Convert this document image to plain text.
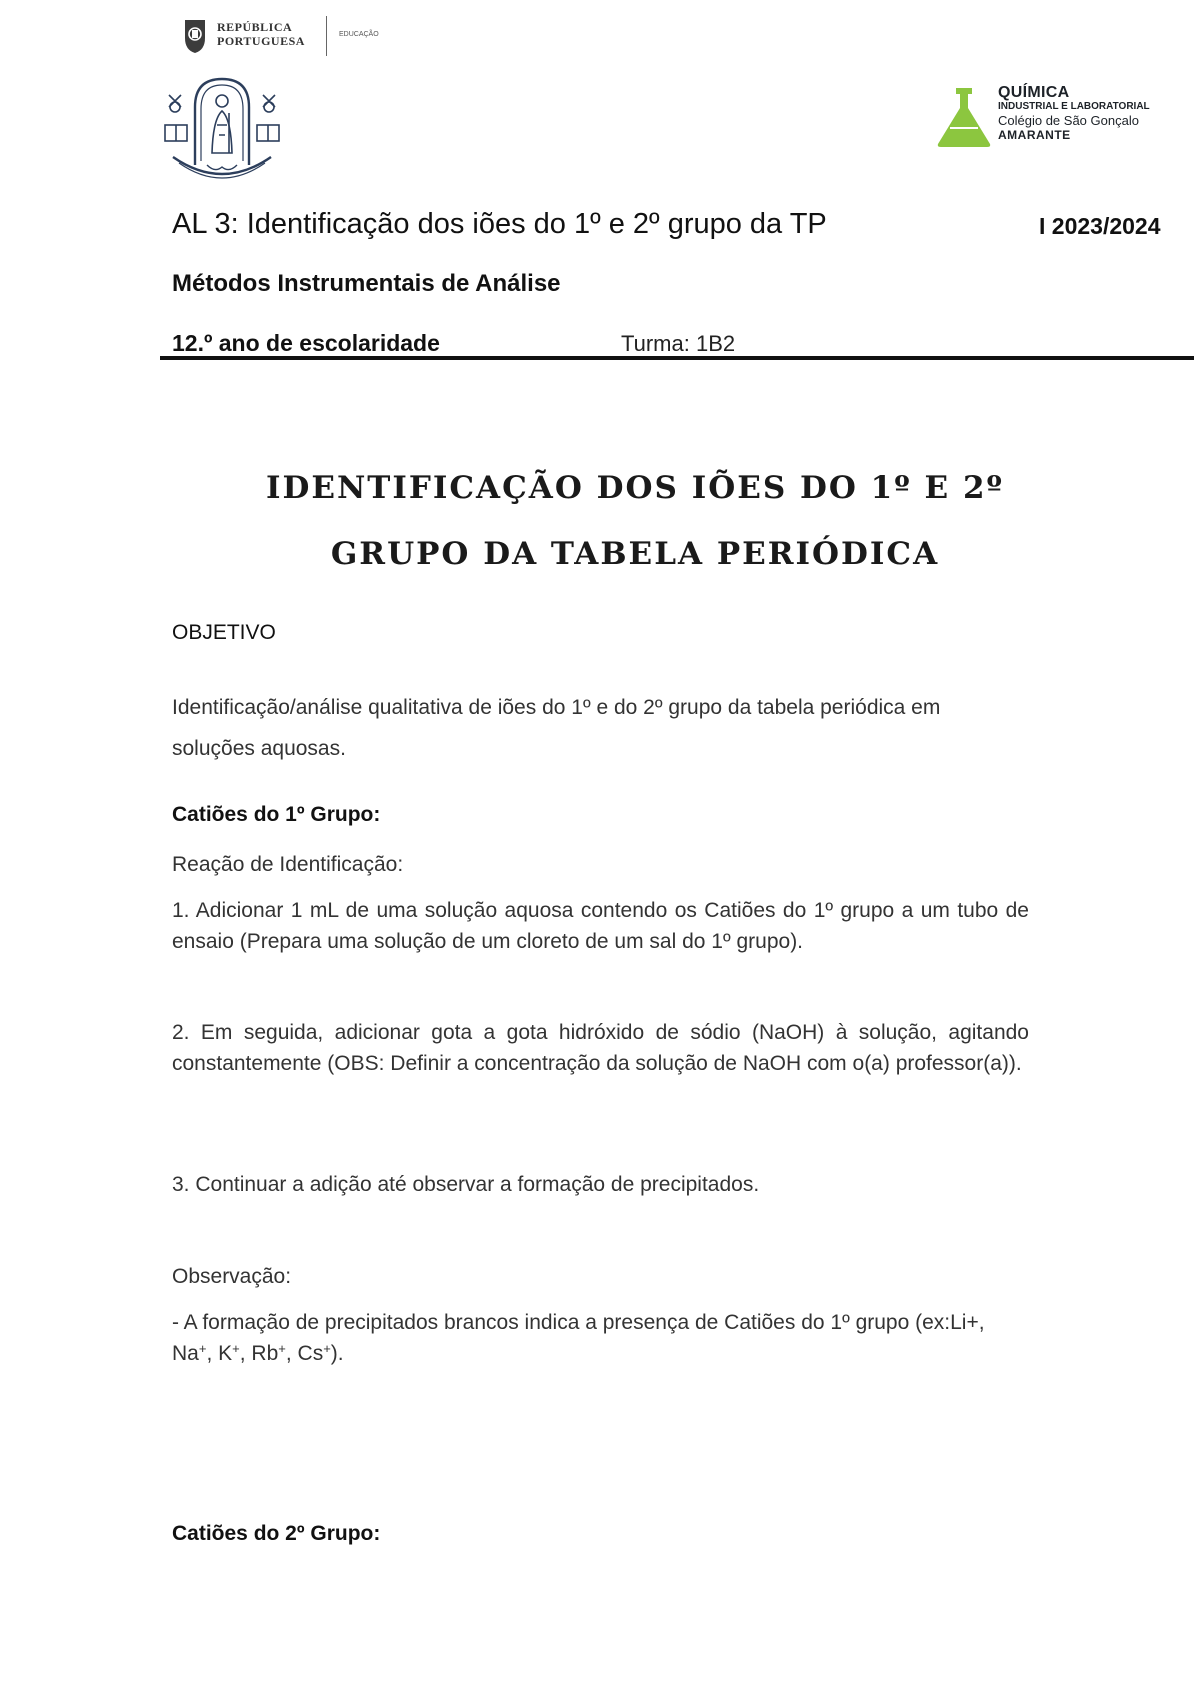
REPÚBLICA
PORTUGUESA	EDUCAÇÃO
QUÍMICA
INDUSTRIAL E LABORATORIAL
Colégio de São Gonçalo
AMARANTE
AL 3: Identificação dos iões do 1º e 2º grupo da TP	I 2023/2024
Métodos Instrumentais de Análise
12.º ano de escolaridade	Turma: 1B2
IDENTIFICAÇÃO DOS IÕES DO 1º E 2º
GRUPO DA TABELA PERIÓDICA
OBJETIVO
Identificação/análise qualitativa de iões do 1º e do 2º grupo da tabela periódica em soluções aquosas.
Catiões do 1º Grupo:
Reação de Identificação:
1. Adicionar 1 mL de uma solução aquosa contendo os Catiões do 1º grupo a um tubo de ensaio (Prepara uma solução de um cloreto de um sal do 1º grupo).
2. Em seguida, adicionar gota a gota hidróxido de sódio (NaOH) à solução, agitando constantemente (OBS: Definir a concentração da solução de NaOH com o(a) professor(a)).
3. Continuar a adição até observar a formação de precipitados.
Observação:
- A formação de precipitados brancos indica a presença de Catiões do 1º grupo (ex:Li+, Na+, K+, Rb+, Cs+).
Catiões do 2º Grupo:
